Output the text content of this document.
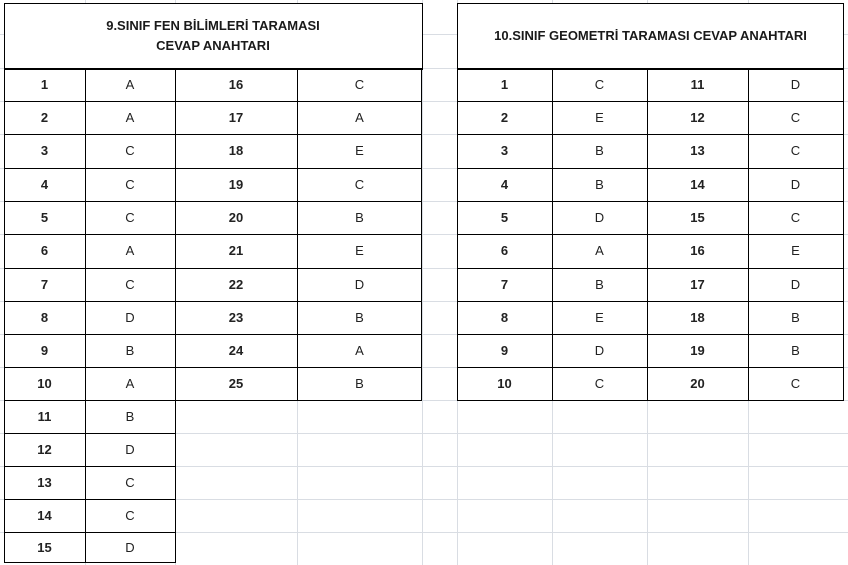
9.SINIF FEN BİLİMLERİ TARAMASI
CEVAP ANAHTARI
1	A
2	A
3	C
4	C
5	C
6	A
7	C
8	D
9	B
10	A
11	B
12	D
13	C
14	C
15	D
16	C
17	A
18	E
19	C
20	B
21	E
22	D
23	B
24	A
25	B
10.SINIF GEOMETRİ TARAMASI CEVAP ANAHTARI
1	C
2	E
3	B
4	B
5	D
6	A
7	B
8	E
9	D
10	C
11	D
12	C
13	C
14	D
15	C
16	E
17	D
18	B
19	B
20	C
